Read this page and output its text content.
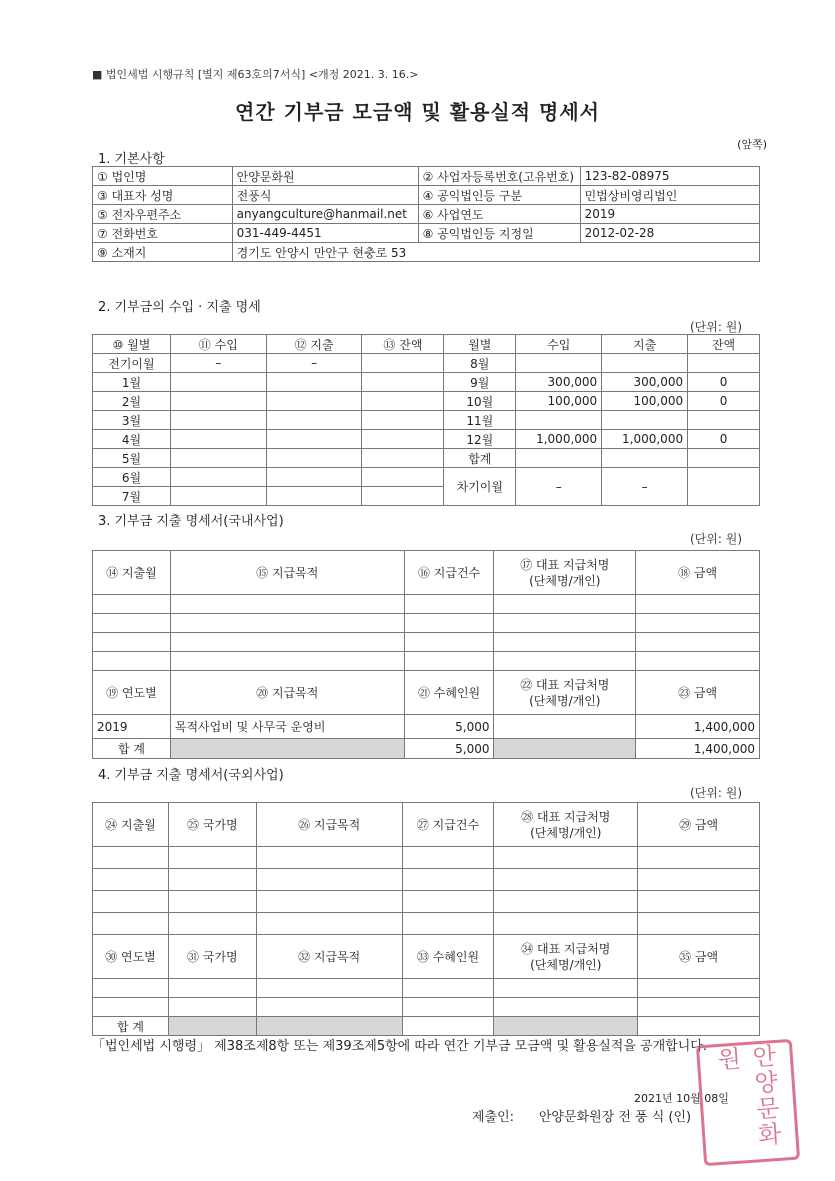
■ 법인세법 시행규칙 [별지 제63호의7서식] <개정 2021. 3. 16.>
연간 기부금 모금액 및 활용실적 명세서
(앞쪽)
1. 기본사항
① 법인명	안양문화원	② 사업자등록번호(고유번호)	123-82-08975
③ 대표자 성명	전풍식	④ 공익법인등 구분	민법상비영리법인
⑤ 전자우편주소	anyangculture@hanmail.net	⑥ 사업연도	2019
⑦ 전화번호	031-449-4451	⑧ 공익법인등 지정일	2012-02-28
⑨ 소재지	경기도 안양시 만안구 현충로 53		
2. 기부금의 수입 · 지출 명세
(단위: 원)
⑩ 월별	⑪ 수입	⑫ 지출	⑬ 잔액	월별	수입	지출	잔액
전기이월	–	–		8월			
1월				9월	300,000	300,000	0
2월				10월	100,000	100,000	0
3월				11월			
4월				12월	1,000,000	1,000,000	0
5월				합계			
6월				차기이월	–	–	
7월							
3. 기부금 지출 명세서(국내사업)
(단위: 원)
⑭ 지출월	⑮ 지급목적	⑯ 지급건수	⑰ 대표 지급처명
(단체명/개인)	⑱ 금액

⑲ 연도별	⑳ 지급목적	㉑ 수혜인원	㉒ 대표 지급처명
(단체명/개인)	㉓ 금액
2019	목적사업비 및 사무국 운영비	5,000		1,400,000
합 계		5,000		1,400,000
4. 기부금 지출 명세서(국외사업)
(단위: 원)
㉔ 지출월	㉕ 국가명	㉖ 지급목적	㉗ 지급건수	㉘ 대표 지급처명
(단체명/개인)	㉙ 금액

㉚ 연도별	㉛ 국가명	㉜ 지급목적	㉝ 수혜인원	㉞ 대표 지급처명
(단체명/개인)	㉟ 금액

합 계					
「법인세법 시행령」 제38조제8항 또는 제39조제5항에 따라 연간 기부금 모금액 및 활용실적을 공개합니다.
2021년 10월 08일
제출인: 안양문화원장 전 풍 식 (인)	안양문화원
